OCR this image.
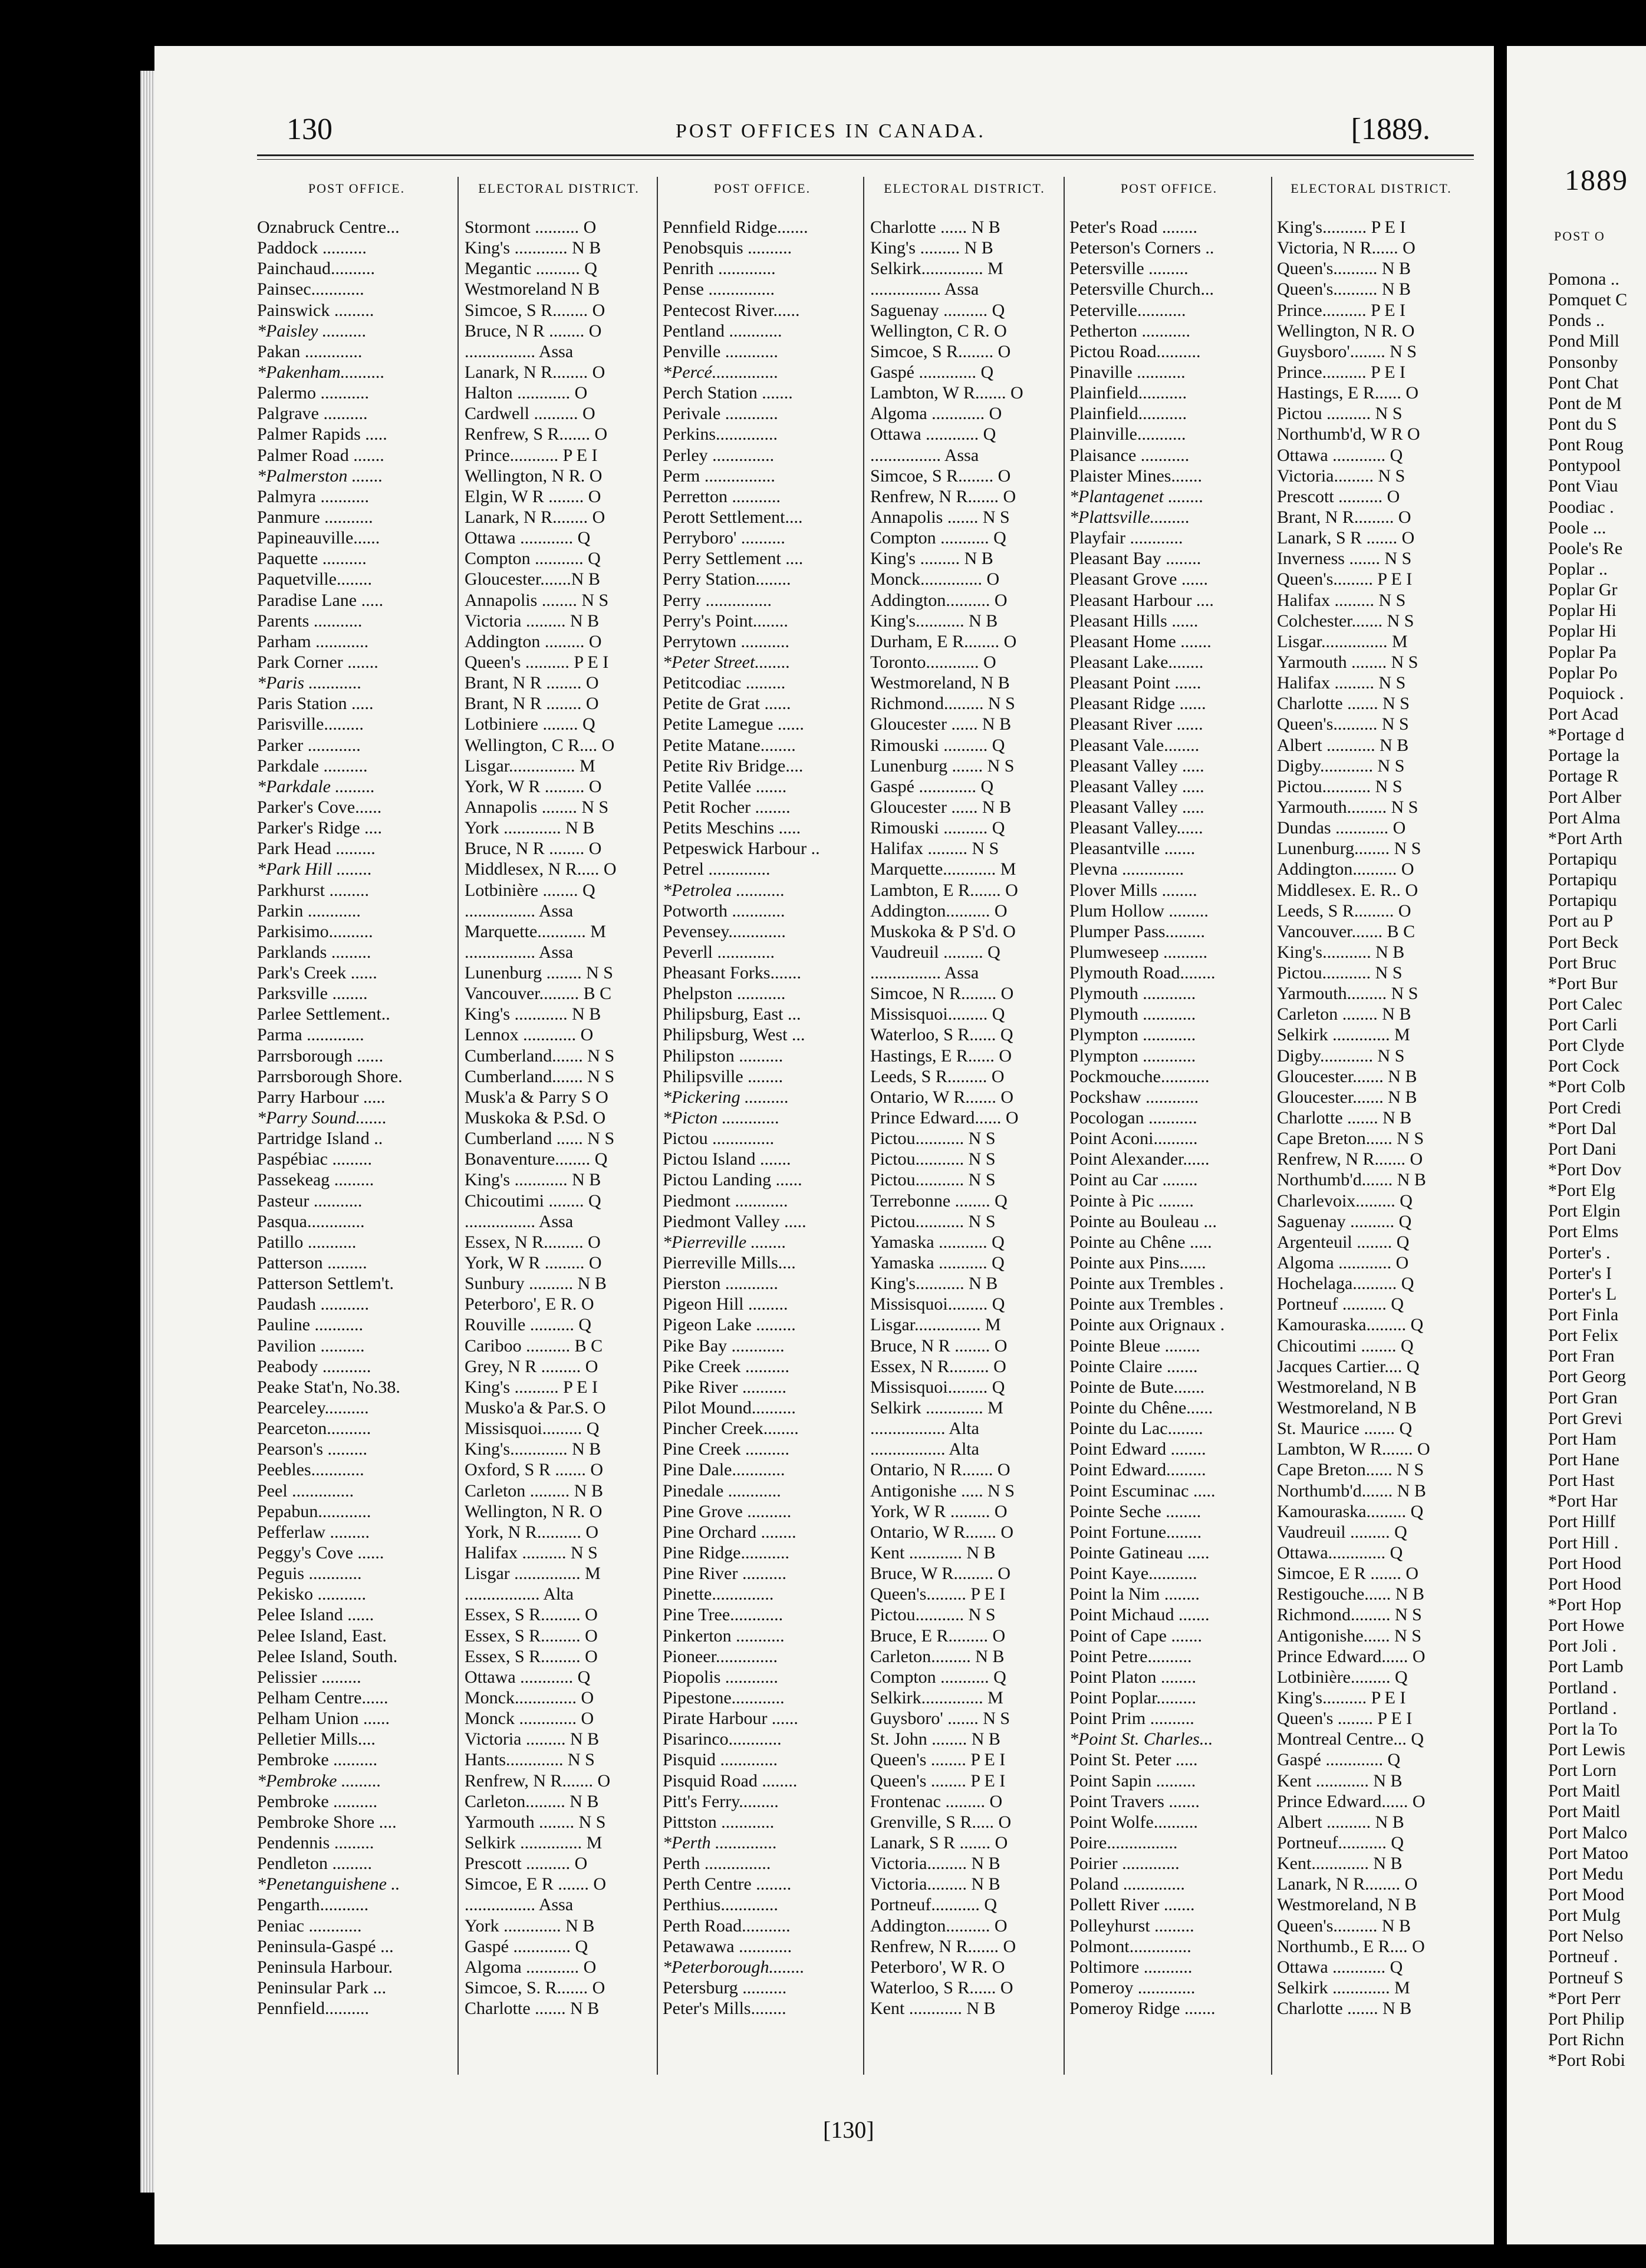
1889
POST O
Pomona ..
Pomquet C
Ponds ..
Pond Mill
Ponsonby
Pont Chat
Pont de M
Pont du S
Pont Roug
Pontypool
Pont Viau
Poodiac .
Poole ...
Poole's Re
Poplar ..
Poplar Gr
Poplar Hi
Poplar Hi
Poplar Pa
Poplar Po
Poquiock .
Port Acad
*Portage d
Portage la
Portage R
Port Alber
Port Alma
*Port Arth
Portapiqu
Portapiqu
Portapiqu
Port au P
Port Beck
Port Bruc
*Port Bur
Port Calec
Port Carli
Port Clyde
Port Cock
*Port Colb
Port Credi
*Port Dal
Port Dani
*Port Dov
*Port Elg
Port Elgin
Port Elms
Porter's .
Porter's I
Porter's L
Port Finla
Port Felix
Port Fran
Port Georg
Port Gran
Port Grevi
Port Ham
Port Hane
Port Hast
*Port Har
Port Hillf
Port Hill .
Port Hood
Port Hood
*Port Hop
Port Howe
Port Joli .
Port Lamb
Portland .
Portland .
Port la To
Port Lewis
Port Lorn
Port Maitl
Port Maitl
Port Malco
Port Matoo
Port Medu
Port Mood
Port Mulg
Port Nelso
Portneuf .
Portneuf S
*Port Perr
Port Philip
Port Richn
*Port Robi
130	POST OFFICES IN CANADA.	[1889.
POST OFFICE.	ELECTORAL DISTRICT.
Oznabruck Centre...	Stormont .......... O
Paddock ..........	King's ............ N B
Painchaud..........	Megantic .......... Q
Painsec............	Westmoreland N B
Painswick .........	Simcoe, S R........ O
*Paisley ..........	Bruce, N R ........ O
Pakan .............	................ Assa
*Pakenham..........	Lanark, N R........ O
Palermo ...........	Halton ............ O
Palgrave ..........	Cardwell .......... O
Palmer Rapids .....	Renfrew, S R....... O
Palmer Road .......	Prince........... P E I
*Palmerston .......	Wellington, N R. O
Palmyra ...........	Elgin, W R ........ O
Panmure ...........	Lanark, N R........ O
Papineauville......	Ottawa ............ Q
Paquette ..........	Compton ........... Q
Paquetville........	Gloucester.......N B
Paradise Lane .....	Annapolis ........ N S
Parents ...........	Victoria ......... N B
Parham ............	Addington ......... O
Park Corner .......	Queen's .......... P E I
*Paris ............	Brant, N R ........ O
Paris Station .....	Brant, N R ........ O
Parisville.........	Lotbiniere ........ Q
Parker ............	Wellington, C R.... O
Parkdale ..........	Lisgar............... M
*Parkdale .........	York, W R ......... O
Parker's Cove......	Annapolis ........ N S
Parker's Ridge ....	York ............. N B
Park Head .........	Bruce, N R ........ O
*Park Hill ........	Middlesex, N R..... O
Parkhurst .........	Lotbinière ........ Q
Parkin ............	................ Assa
Parkisimo..........	Marquette........... M
Parklands .........	................ Assa
Park's Creek ......	Lunenburg ........ N S
Parksville ........	Vancouver......... B C
Parlee Settlement..	King's ............ N B
Parma .............	Lennox ............ O
Parrsborough ......	Cumberland....... N S
Parrsborough Shore.	Cumberland....... N S
Parry Harbour .....	Musk'a & Parry S O
*Parry Sound.......	Muskoka & P.Sd. O
Partridge Island ..	Cumberland ...... N S
Paspébiac .........	Bonaventure........ Q
Passekeag .........	King's ............ N B
Pasteur ...........	Chicoutimi ........ Q
Pasqua.............	................ Assa
Patillo ...........	Essex, N R......... O
Patterson .........	York, W R ......... O
Patterson Settlem't.	Sunbury .......... N B
Paudash ...........	Peterboro', E R. O
Pauline ...........	Rouville .......... Q
Pavilion ..........	Cariboo .......... B C
Peabody ...........	Grey, N R ......... O
Peake Stat'n, No.38.	King's .......... P E I
Pearceley..........	Musko'a & Par.S. O
Pearceton..........	Missisquoi......... Q
Pearson's .........	King's............. N B
Peebles............	Oxford, S R ....... O
Peel ..............	Carleton ......... N B
Pepabun............	Wellington, N R. O
Pefferlaw .........	York, N R.......... O
Peggy's Cove ......	Halifax .......... N S
Peguis ............	Lisgar ............... M
Pekisko ...........	................. Alta
Pelee Island ......	Essex, S R......... O
Pelee Island, East.	Essex, S R......... O
Pelee Island, South.	Essex, S R......... O
Pelissier .........	Ottawa ............ Q
Pelham Centre......	Monck.............. O
Pelham Union ......	Monck ............. O
Pelletier Mills....	Victoria ......... N B
Pembroke ..........	Hants............. N S
*Pembroke .........	Renfrew, N R....... O
Pembroke ..........	Carleton......... N B
Pembroke Shore ....	Yarmouth ........ N S
Pendennis .........	Selkirk .............. M
Pendleton .........	Prescott .......... O
*Penetanguishene ..	Simcoe, E R ....... O
Pengarth...........	................ Assa
Peniac ............	York ............. N B
Peninsula-Gaspé ...	Gaspé ............. Q
Peninsula Harbour.	Algoma ............ O
Peninsular Park ...	Simcoe, S. R....... O
Pennfield..........	Charlotte ....... N B
POST OFFICE.	ELECTORAL DISTRICT.
Pennfield Ridge.......	Charlotte ...... N B
Penobsquis ..........	King's ......... N B
Penrith .............	Selkirk.............. M
Pense ...............	................ Assa
Pentecost River......	Saguenay .......... Q
Pentland ............	Wellington, C R. O
Penville ............	Simcoe, S R........ O
*Percé...............	Gaspé ............. Q
Perch Station .......	Lambton, W R....... O
Perivale ............	Algoma ............ O
Perkins..............	Ottawa ............ Q
Perley ..............	................ Assa
Perm ................	Simcoe, S R........ O
Perretton ...........	Renfrew, N R....... O
Perott Settlement....	Annapolis ....... N S
Perryboro' ..........	Compton ........... Q
Perry Settlement ....	King's ......... N B
Perry Station........	Monck.............. O
Perry ...............	Addington.......... O
Perry's Point........	King's........... N B
Perrytown ...........	Durham, E R........ O
*Peter Street........	Toronto............ O
Petitcodiac .........	Westmoreland, N B
Petite de Grat ......	Richmond......... N S
Petite Lamegue ......	Gloucester ...... N B
Petite Matane........	Rimouski .......... Q
Petite Riv Bridge....	Lunenburg ....... N S
Petite Vallée .......	Gaspé ............. Q
Petit Rocher ........	Gloucester ...... N B
Petits Meschins .....	Rimouski .......... Q
Petpeswick Harbour ..	Halifax ......... N S
Petrel ..............	Marquette............ M
*Petrolea ...........	Lambton, E R....... O
Potworth ............	Addington.......... O
Pevensey.............	Muskoka & P S'd. O
Peverll .............	Vaudreuil ......... Q
Pheasant Forks.......	................ Assa
Phelpston ...........	Simcoe, N R........ O
Philipsburg, East ...	Missisquoi......... Q
Philipsburg, West ...	Waterloo, S R...... Q
Philipston ..........	Hastings, E R...... O
Philipsville ........	Leeds, S R......... O
*Pickering ..........	Ontario, W R....... O
*Picton .............	Prince Edward...... O
Pictou ..............	Pictou........... N S
Pictou Island .......	Pictou........... N S
Pictou Landing ......	Pictou........... N S
Piedmont ............	Terrebonne ........ Q
Piedmont Valley .....	Pictou........... N S
*Pierreville ........	Yamaska ........... Q
Pierreville Mills....	Yamaska ........... Q
Pierston ............	King's........... N B
Pigeon Hill .........	Missisquoi......... Q
Pigeon Lake .........	Lisgar............... M
Pike Bay ............	Bruce, N R ........ O
Pike Creek ..........	Essex, N R......... O
Pike River ..........	Missisquoi......... Q
Pilot Mound..........	Selkirk ............. M
Pincher Creek........	................. Alta
Pine Creek ..........	................. Alta
Pine Dale............	Ontario, N R....... O
Pinedale ............	Antigonishe ..... N S
Pine Grove ..........	York, W R ......... O
Pine Orchard ........	Ontario, W R....... O
Pine Ridge...........	Kent ............ N B
Pine River ..........	Bruce, W R......... O
Pinette..............	Queen's......... P E I
Pine Tree............	Pictou........... N S
Pinkerton ...........	Bruce, E R......... O
Pioneer..............	Carleton......... N B
Piopolis ............	Compton ........... Q
Pipestone............	Selkirk.............. M
Pirate Harbour ......	Guysboro' ....... N S
Pisarinco............	St. John ........ N B
Pisquid .............	Queen's ........ P E I
Pisquid Road ........	Queen's ........ P E I
Pitt's Ferry.........	Frontenac ......... O
Pittston ............	Grenville, S R..... O
*Perth ..............	Lanark, S R ....... O
Perth ...............	Victoria......... N B
Perth Centre ........	Victoria......... N B
Perthius.............	Portneuf........... Q
Perth Road...........	Addington.......... O
Petawawa ............	Renfrew, N R....... O
*Peterborough........	Peterboro', W R. O
Petersburg ..........	Waterloo, S R...... O
Peter's Mills........	Kent ............ N B
POST OFFICE.	ELECTORAL DISTRICT.
Peter's Road ........	King's.......... P E I
Peterson's Corners ..	Victoria, N R...... O
Petersville .........	Queen's.......... N B
Petersville Church...	Queen's.......... N B
Peterville...........	Prince.......... P E I
Petherton ...........	Wellington, N R. O
Pictou Road..........	Guysboro'........ N S
Pinaville ...........	Prince.......... P E I
Plainfield...........	Hastings, E R...... O
Plainfield...........	Pictou .......... N S
Plainville...........	Northumb'd, W R O
Plaisance ...........	Ottawa ............ Q
Plaister Mines.......	Victoria......... N S
*Plantagenet ........	Prescott .......... O
*Plattsville.........	Brant, N R......... O
Playfair ............	Lanark, S R ....... O
Pleasant Bay ........	Inverness ....... N S
Pleasant Grove ......	Queen's......... P E I
Pleasant Harbour ....	Halifax ......... N S
Pleasant Hills ......	Colchester....... N S
Pleasant Home .......	Lisgar............... M
Pleasant Lake........	Yarmouth ........ N S
Pleasant Point ......	Halifax ......... N S
Pleasant Ridge ......	Charlotte ....... N S
Pleasant River ......	Queen's.......... N S
Pleasant Vale........	Albert ........... N B
Pleasant Valley .....	Digby............ N S
Pleasant Valley .....	Pictou........... N S
Pleasant Valley .....	Yarmouth......... N S
Pleasant Valley......	Dundas ............ O
Pleasantville .......	Lunenburg........ N S
Plevna ..............	Addington.......... O
Plover Mills ........	Middlesex. E. R.. O
Plum Hollow .........	Leeds, S R......... O
Plumper Pass.........	Vancouver....... B C
Plumweseep ..........	King's........... N B
Plymouth Road........	Pictou........... N S
Plymouth ............	Yarmouth......... N S
Plymouth ............	Carleton ........ N B
Plympton ............	Selkirk ............. M
Plympton ............	Digby............ N S
Pockmouche...........	Gloucester....... N B
Pockshaw ............	Gloucester....... N B
Pocologan ...........	Charlotte ....... N B
Point Aconi..........	Cape Breton...... N S
Point Alexander......	Renfrew, N R....... O
Point au Car ........	Northumb'd....... N B
Pointe à Pic ........	Charlevoix......... Q
Pointe au Bouleau ...	Saguenay .......... Q
Pointe au Chêne .....	Argenteuil ........ Q
Pointe aux Pins......	Algoma ............ O
Pointe aux Trembles .	Hochelaga.......... Q
Pointe aux Trembles .	Portneuf .......... Q
Pointe aux Orignaux .	Kamouraska......... Q
Pointe Bleue ........	Chicoutimi ........ Q
Pointe Claire .......	Jacques Cartier.... Q
Pointe de Bute.......	Westmoreland, N B
Pointe du Chêne......	Westmoreland, N B
Pointe du Lac........	St. Maurice ....... Q
Point Edward ........	Lambton, W R....... O
Point Edward.........	Cape Breton...... N S
Point Escuminac .....	Northumb'd....... N B
Pointe Seche ........	Kamouraska......... Q
Point Fortune........	Vaudreuil ......... Q
Pointe Gatineau .....	Ottawa............. Q
Point Kaye...........	Simcoe, E R ....... O
Point la Nim ........	Restigouche...... N B
Point Michaud .......	Richmond......... N S
Point of Cape .......	Antigonishe...... N S
Point Petre..........	Prince Edward...... O
Point Platon ........	Lotbinière......... Q
Point Poplar.........	King's.......... P E I
Point Prim ..........	Queen's ........ P E I
*Point St. Charles...	Montreal Centre... Q
Point St. Peter .....	Gaspé ............. Q
Point Sapin .........	Kent ............ N B
Point Travers .......	Prince Edward...... O
Point Wolfe..........	Albert .......... N B
Poire................	Portneuf........... Q
Poirier .............	Kent............. N B
Poland ..............	Lanark, N R........ O
Pollett River .......	Westmoreland, N B
Polleyhurst .........	Queen's.......... N B
Polmont..............	Northumb., E R.... O
Poltimore ...........	Ottawa ............ Q
Pomeroy .............	Selkirk ............. M
Pomeroy Ridge .......	Charlotte ....... N B
[130]
